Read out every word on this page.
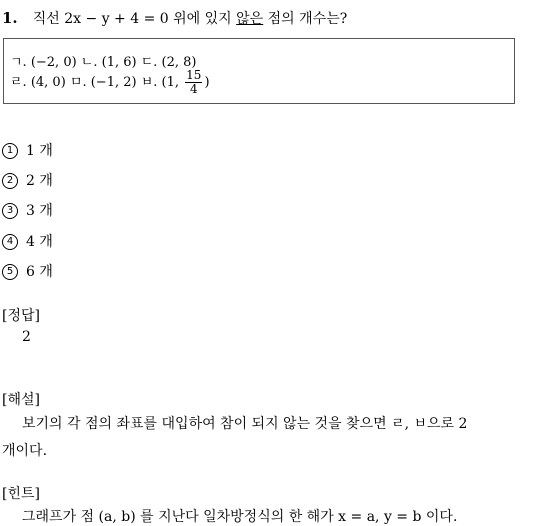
1. 직선 2x − y + 4 = 0 위에 있지 않은 점의 개수는?
ㄱ. (−2, 0) ㄴ. (1, 6) ㄷ. (2, 8)
ㄹ. (4, 0) ㅁ. (−1, 2) ㅂ. (1, $\frac{15}{4}$ )
1 1 개
2 2 개
3 3 개
4 4 개
5 6 개
[정답]
2
[해설]
보기의 각 점의 좌표를 대입하여 참이 되지 않는 것을 찾으면 ㄹ, ㅂ으로 2
개이다.
[힌트]
그래프가 점 (a, b) 를 지난다 일차방정식의 한 해가 x = a, y = b 이다.
